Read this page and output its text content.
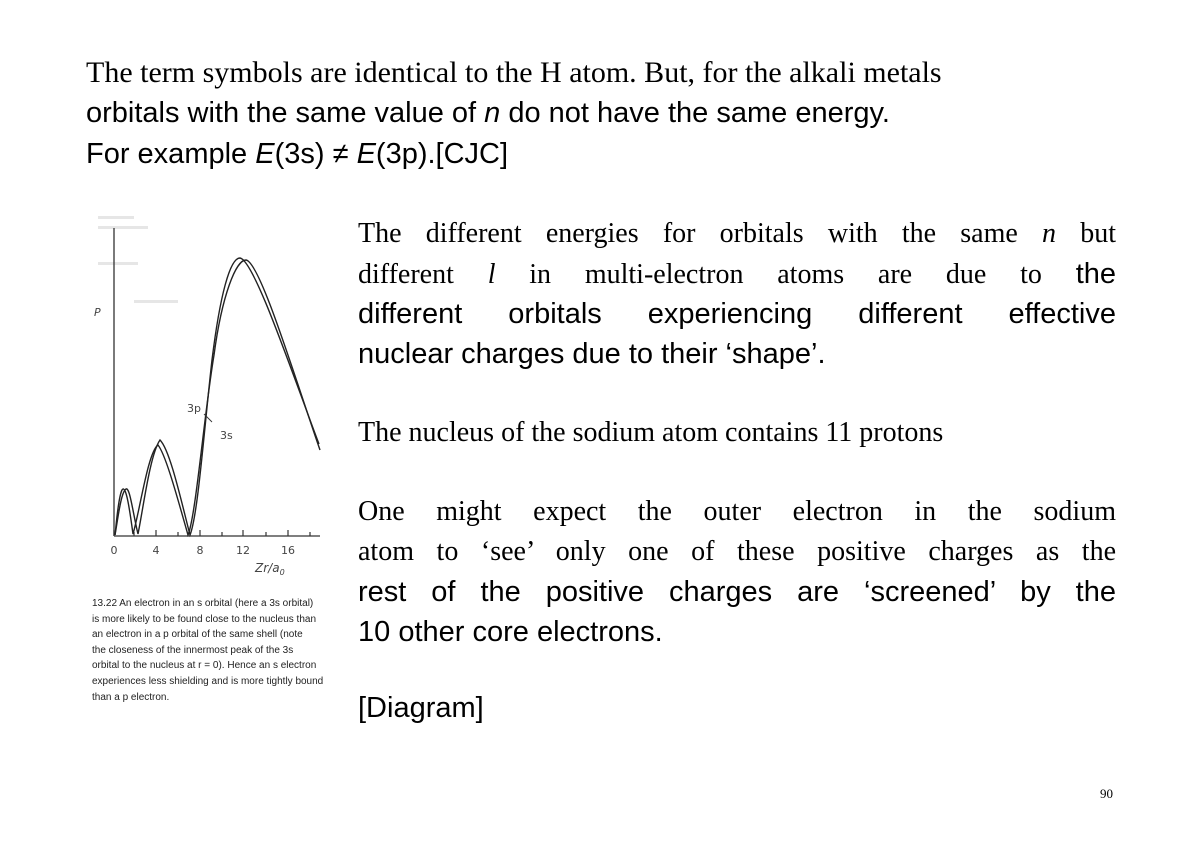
The term symbols are identical to the H atom. But, for the alkali metals
orbitals with the same value of n do not have the same energy.
For example E(3s) ≠ E(3p).[CJC]
The different energies for orbitals with the same n but
different l in multi-electron atoms are due to the
different orbitals experiencing different effective
nuclear charges due to their ‘shape’.
The nucleus of the sodium atom contains 11 protons
One might expect the outer electron in the sodium
atom to ‘see’ only one of these positive charges as the
rest of the positive charges are ‘screened’ by the
10 other core electrons.
[Diagram]
3p
3s
P
0	4	8	12	16
$Zr/a_0$
13.22 An electron in an s orbital (here a 3s orbital)
is more likely to be found close to the nucleus than
an electron in a p orbital of the same shell (note
the closeness of the innermost peak of the 3s
orbital to the nucleus at r = 0). Hence an s electron
experiences less shielding and is more tightly bound
than a p electron.
90
